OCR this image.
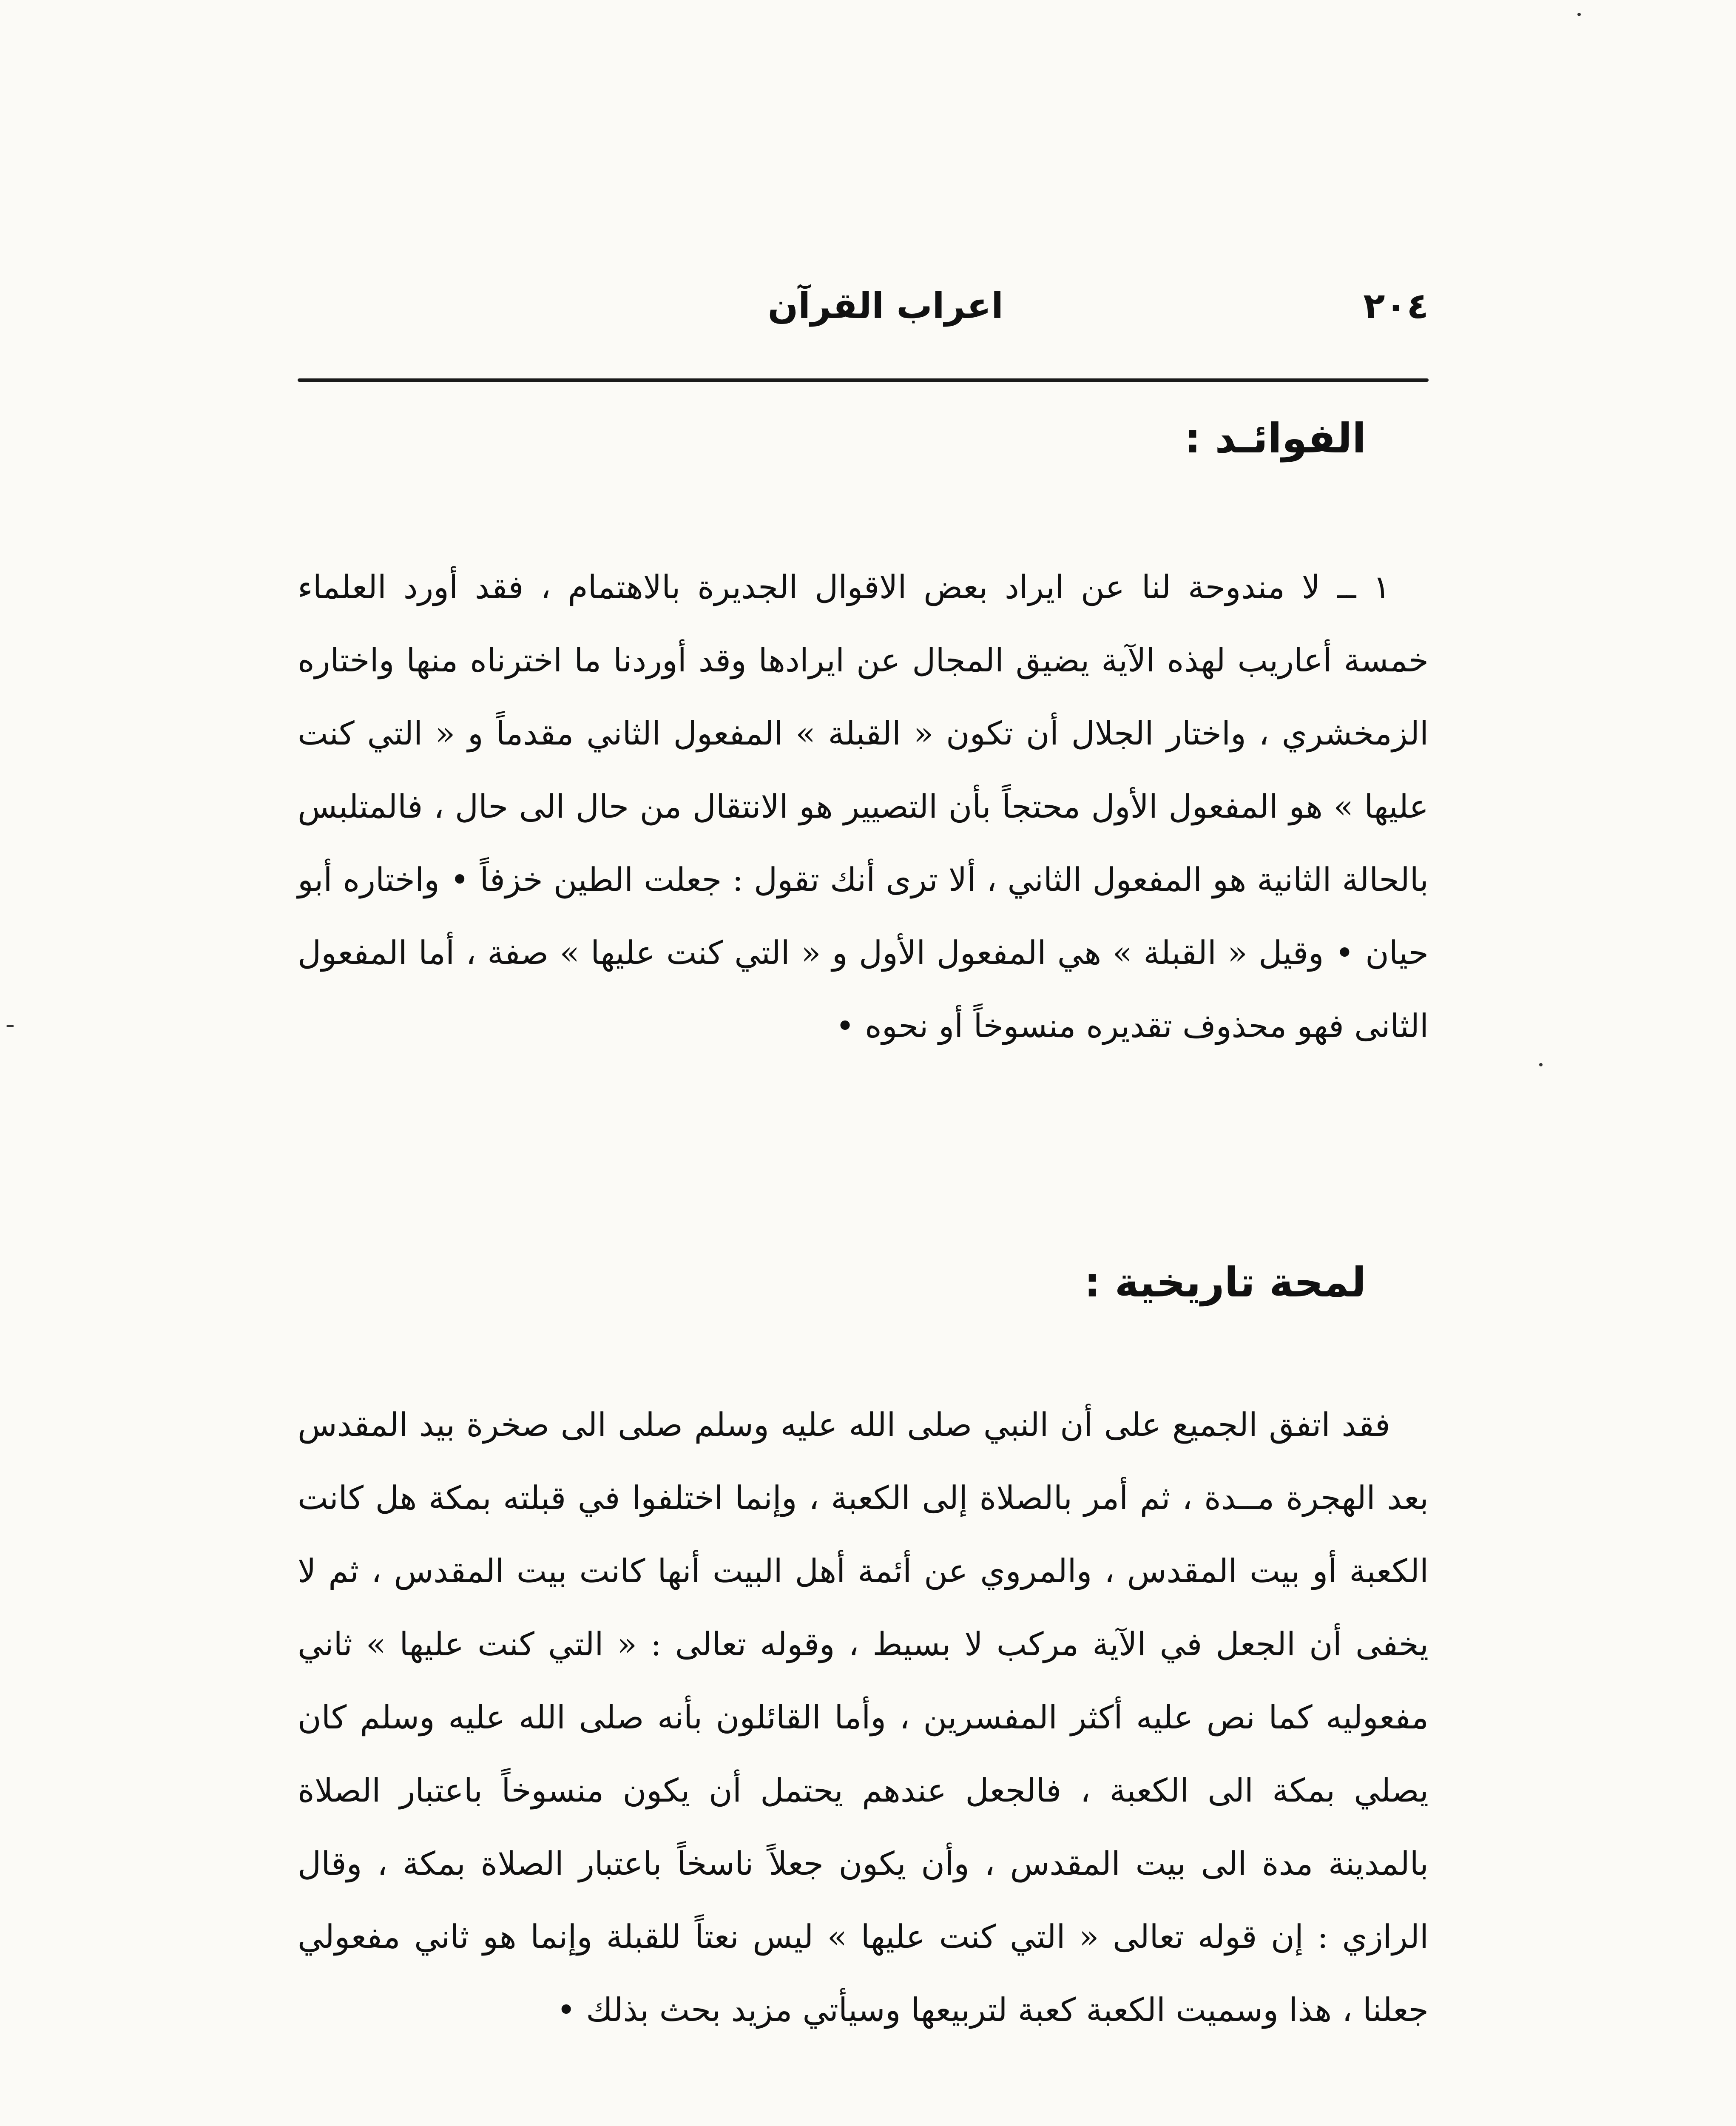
٢٠٤
اعراب القرآن
الفوائـد :

١ ــ لا مندوحة لنا عن ايراد بعض الاقوال الجديرة بالاهتمام ، فقد أورد العلماء خمسة أعاريب لهذه الآية يضيق المجال عن ايرادها وقد أوردنا ما اخترناه منها واختاره الزمخشري ، واختار الجلال أن تكون « القبلة » المفعول الثاني مقدماً و « التي كنت عليها » هو المفعول الأول محتجاً بأن التصيير هو الانتقال من حال الى حال ، فالمتلبس بالحالة الثانية هو المفعول الثاني ، ألا ترى أنك تقول : جعلت الطين خزفاً • واختاره أبو حيان • وقيل « القبلة » هي المفعول الأول و « التي كنت عليها » صفة ، أما المفعول الثانى فهو محذوف تقديره منسوخاً أو نحوه •

لمحة تاريخية :

فقد اتفق الجميع على أن النبي صلى الله عليه وسلم صلى الى صخرة بيد المقدس بعد الهجرة مــدة ، ثم أمر بالصلاة إلى الكعبة ، وإنما اختلفوا في قبلته بمكة هل كانت الكعبة أو بيت المقدس ، والمروي عن أئمة أهل البيت أنها كانت بيت المقدس ، ثم لا يخفى أن الجعل في الآية مركب لا بسيط ، وقوله تعالى : « التي كنت عليها » ثاني مفعوليه كما نص عليه أكثر المفسرين ، وأما القائلون بأنه صلى الله عليه وسلم كان يصلي بمكة الى الكعبة ، فالجعل عندهم يحتمل أن يكون منسوخاً باعتبار الصلاة بالمدينة مدة الى بيت المقدس ، وأن يكون جعلاً ناسخاً باعتبار الصلاة بمكة ، وقال الرازي : إن قوله تعالى « التي كنت عليها » ليس نعتاً للقبلة وإنما هو ثاني مفعولي جعلنا ، هذا وسميت الكعبة كعبة لتربيعها وسيأتي مزيد بحث بذلك •
